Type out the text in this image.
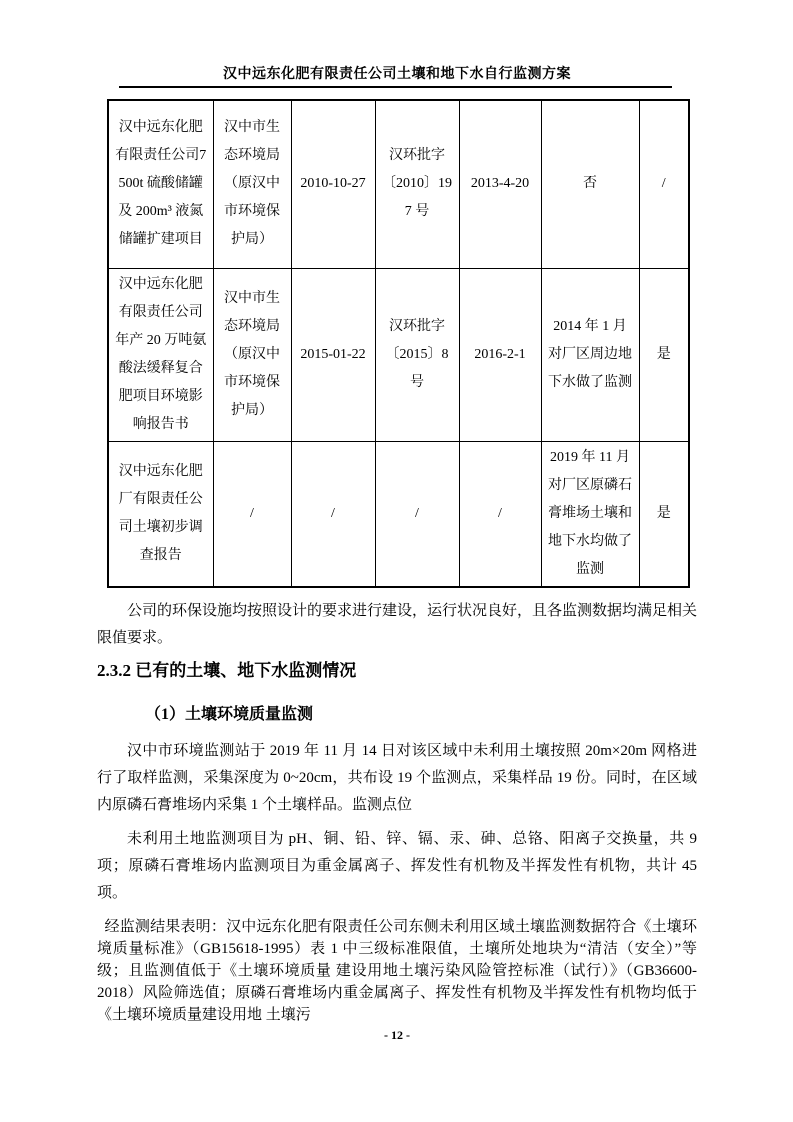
汉中远东化肥有限责任公司土壤和地下水自行监测方案
汉中远东化肥有限责任公司7500t 硫酸储罐及 200m³ 液氮储罐扩建项目	汉中市生态环境局（原汉中市环境保护局）	2010-10-27	汉环批字〔2010〕197 号	2013-4-20	否	/
汉中远东化肥有限责任公司年产 20 万吨氨酸法缓释复合肥项目环境影响报告书	汉中市生态环境局（原汉中市环境保护局）	2015-01-22	汉环批字〔2015〕8 号	2016-2-1	2014 年 1 月对厂区周边地下水做了监测	是
汉中远东化肥厂有限责任公司土壤初步调查报告	/	/	/	/	2019 年 11 月对厂区原磷石膏堆场土壤和地下水均做了监测	是

公司的环保设施均按照设计的要求进行建设，运行状况良好，且各监测数据均满足相关限值要求。

2.3.2 已有的土壤、地下水监测情况
（1）土壤环境质量监测

汉中市环境监测站于 2019 年 11 月 14 日对该区域中未利用土壤按照 20m×20m 网格进行了取样监测，采集深度为 0~20cm，共布设 19 个监测点，采集样品 19 份。同时，在区域内原磷石膏堆场内采集 1 个土壤样品。监测点位

未利用土地监测项目为 pH、铜、铅、锌、镉、汞、砷、总铬、阳离子交换量，共 9 项；原磷石膏堆场内监测项目为重金属离子、挥发性有机物及半挥发性有机物，共计 45 项。

经监测结果表明：汉中远东化肥有限责任公司东侧未利用区域土壤监测数据符合《土壤环境质量标准》（GB15618-1995）表 1 中三级标准限值，土壤所处地块为“清洁（安全）”等级；且监测值低于《土壤环境质量 建设用地土壤污染风险管控标准（试行）》（GB36600-2018）风险筛选值；原磷石膏堆场内重金属离子、挥发性有机物及半挥发性有机物均低于《土壤环境质量建设用地 土壤污

- 12 -
